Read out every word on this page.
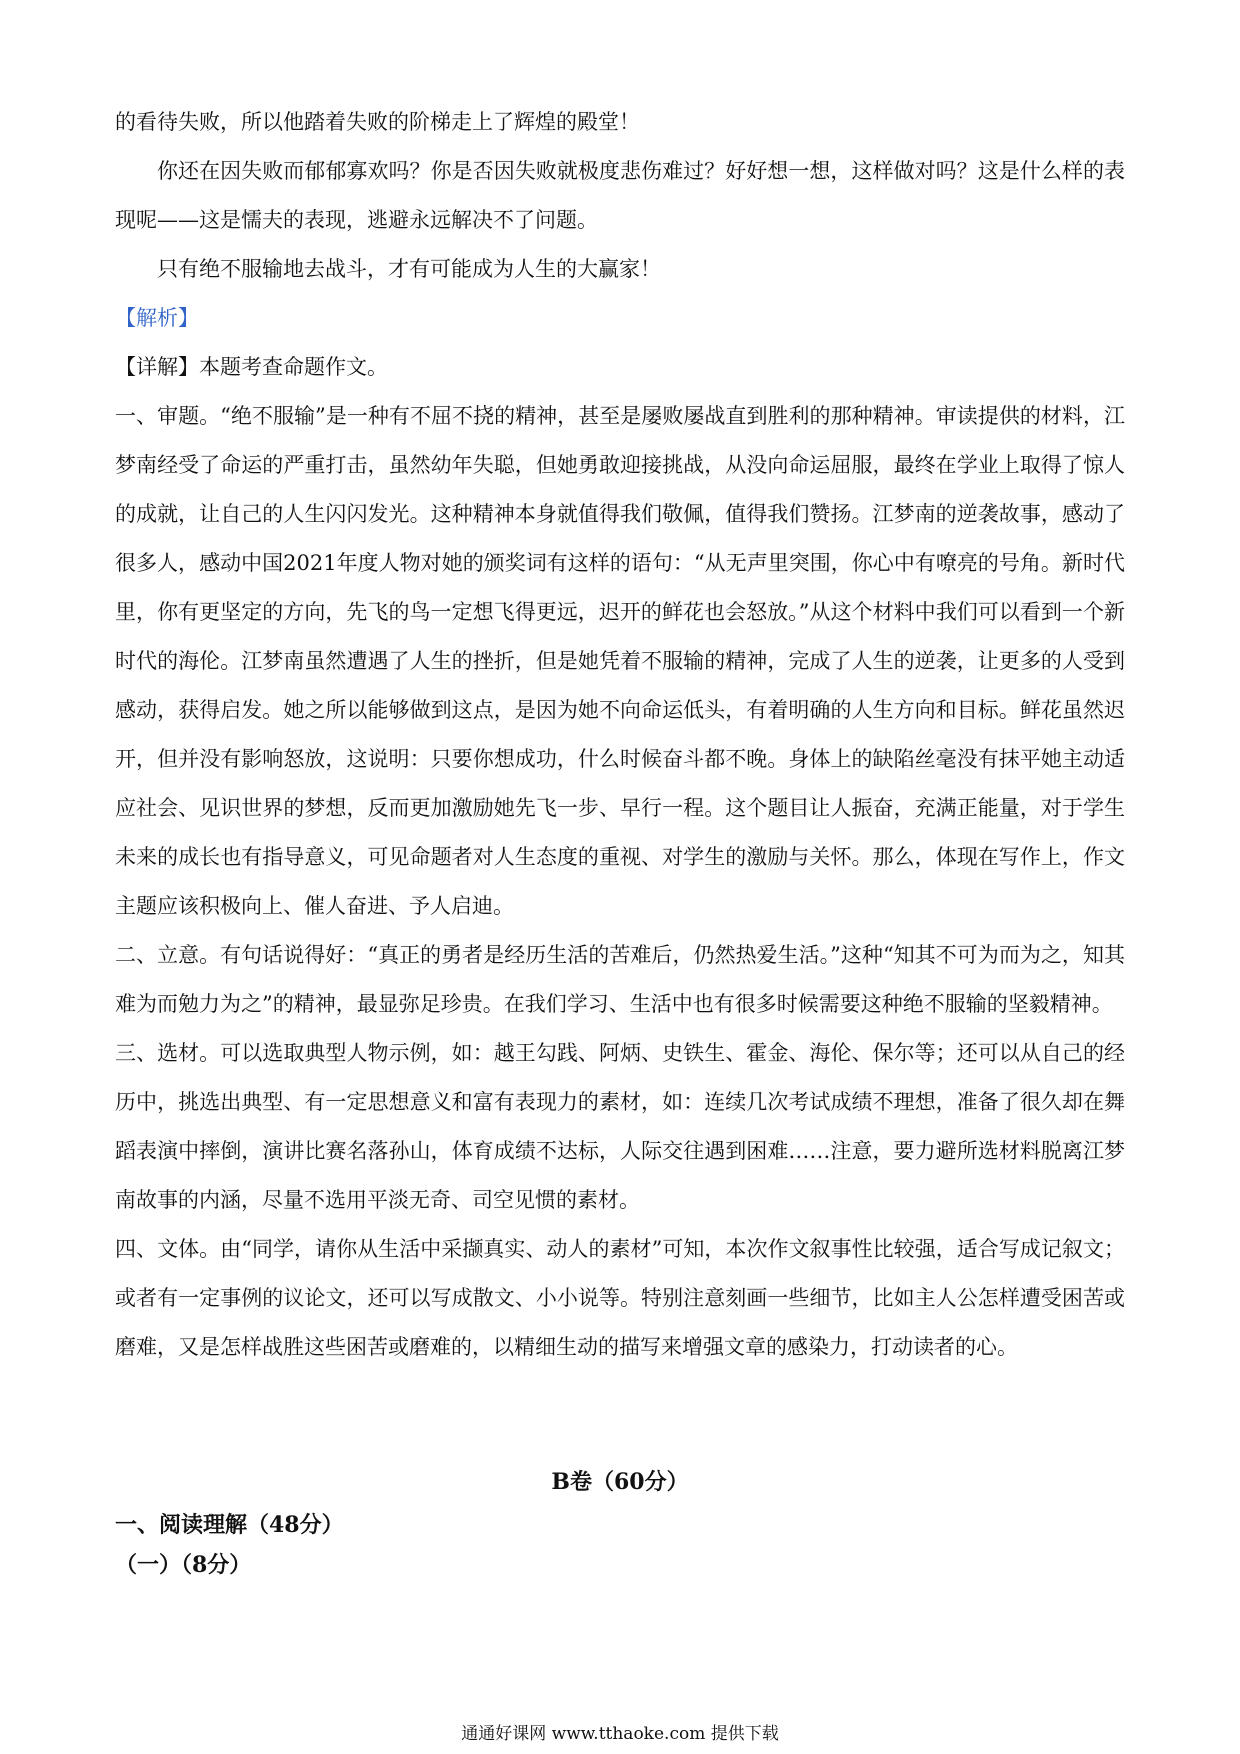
的看待失败，所以他踏着失败的阶梯走上了辉煌的殿堂！

你还在因失败而郁郁寡欢吗？你是否因失败就极度悲伤难过？好好想一想，这样做对吗？这是什么样的表现呢——这是懦夫的表现，逃避永远解决不了问题。

只有绝不服输地去战斗，才有可能成为人生的大赢家！

【解析】

【详解】本题考查命题作文。

一、审题。“绝不服输”是一种有不屈不挠的精神，甚至是屡败屡战直到胜利的那种精神。审读提供的材料，江梦南经受了命运的严重打击，虽然幼年失聪，但她勇敢迎接挑战，从没向命运屈服，最终在学业上取得了惊人的成就，让自己的人生闪闪发光。这种精神本身就值得我们敬佩，值得我们赞扬。江梦南的逆袭故事，感动了很多人，感动中国2021年度人物对她的颁奖词有这样的语句：“从无声里突围，你心中有嘹亮的号角。新时代里，你有更坚定的方向，先飞的鸟一定想飞得更远，迟开的鲜花也会怒放。”从这个材料中我们可以看到一个新时代的海伦。江梦南虽然遭遇了人生的挫折，但是她凭着不服输的精神，完成了人生的逆袭，让更多的人受到感动，获得启发。她之所以能够做到这点，是因为她不向命运低头，有着明确的人生方向和目标。鲜花虽然迟开，但并没有影响怒放，这说明：只要你想成功，什么时候奋斗都不晚。身体上的缺陷丝毫没有抹平她主动适应社会、见识世界的梦想，反而更加激励她先飞一步、早行一程。这个题目让人振奋，充满正能量，对于学生未来的成长也有指导意义，可见命题者对人生态度的重视、对学生的激励与关怀。那么，体现在写作上，作文主题应该积极向上、催人奋进、予人启迪。

二、立意。有句话说得好：“真正的勇者是经历生活的苦难后，仍然热爱生活。”这种“知其不可为而为之，知其难为而勉力为之”的精神，最显弥足珍贵。在我们学习、生活中也有很多时候需要这种绝不服输的坚毅精神。

三、选材。可以选取典型人物示例，如：越王勾践、阿炳、史铁生、霍金、海伦、保尔等；还可以从自己的经历中，挑选出典型、有一定思想意义和富有表现力的素材，如：连续几次考试成绩不理想，准备了很久却在舞蹈表演中摔倒，演讲比赛名落孙山，体育成绩不达标，人际交往遇到困难……注意，要力避所选材料脱离江梦南故事的内涵，尽量不选用平淡无奇、司空见惯的素材。

四、文体。由“同学，请你从生活中采撷真实、动人的素材”可知，本次作文叙事性比较强，适合写成记叙文；或者有一定事例的议论文，还可以写成散文、小小说等。特别注意刻画一些细节，比如主人公怎样遭受困苦或磨难，又是怎样战胜这些困苦或磨难的，以精细生动的描写来增强文章的感染力，打动读者的心。

B卷（60分）
一、阅读理解（48分）
（一）（8分）
通通好课网 www.tthaoke.com 提供下载
